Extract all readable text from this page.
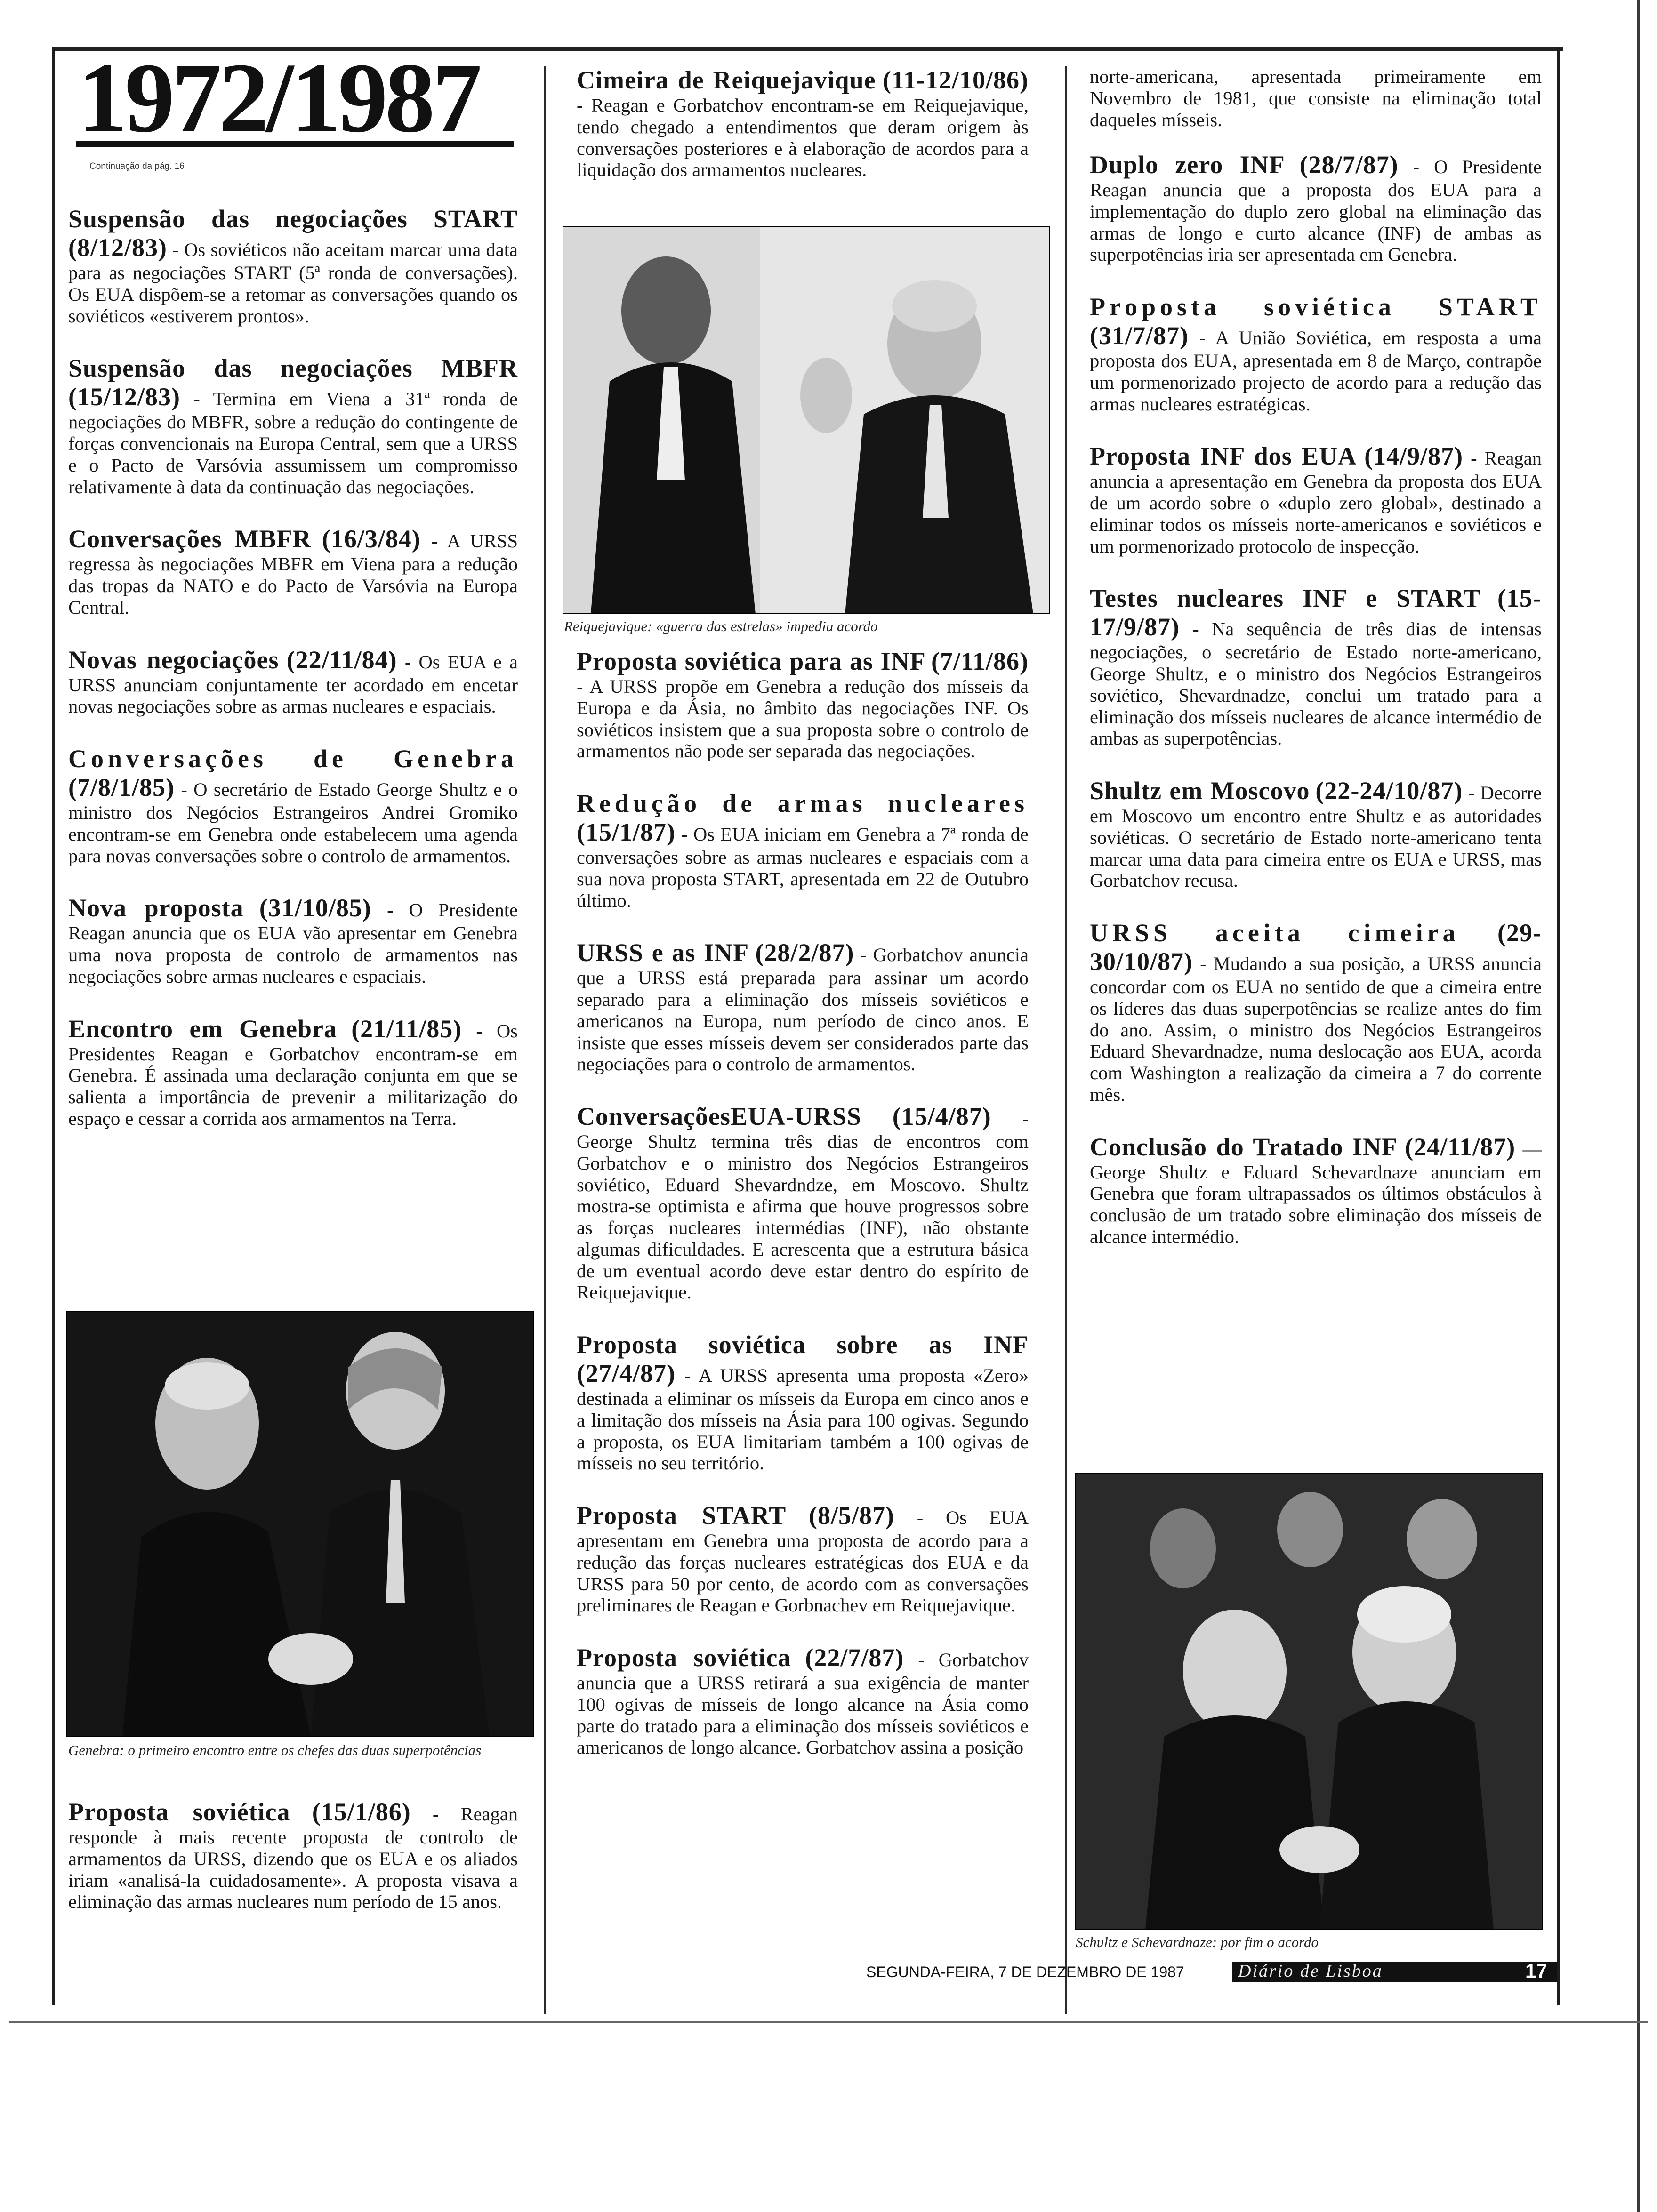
1972/1987
Continuação da pág. 16
Suspensão das negociações START (8/12/83) - Os soviéticos não aceitam marcar uma data para as negociações START (5ª ronda de conversações). Os EUA dispõem-se a retomar as conversações quando os soviéticos «estiverem prontos».
Suspensão das negociações MBFR (15/12/83) - Termina em Viena a 31ª ronda de negociações do MBFR, sobre a redução do contingente de forças convencionais na Europa Central, sem que a URSS e o Pacto de Varsóvia assumissem um compromisso relativamente à data da continuação das negociações.
Conversações MBFR (16/3/84) - A URSS regressa às negociações MBFR em Viena para a redução das tropas da NATO e do Pacto de Varsóvia na Europa Central.
Novas negociações (22/11/84) - Os EUA e a URSS anunciam conjuntamente ter acordado em encetar novas negociações sobre as armas nucleares e espaciais.
Conversações de Genebra (7/8/1/85) - O secretário de Estado George Shultz e o ministro dos Negócios Estrangeiros Andrei Gromiko encontram-se em Genebra onde estabelecem uma agenda para novas conversações sobre o controlo de armamentos.
Nova proposta (31/10/85) - O Presidente Reagan anuncia que os EUA vão apresentar em Genebra uma nova proposta de controlo de armamentos nas negociações sobre armas nucleares e espaciais.
Encontro em Genebra (21/11/85) - Os Presidentes Reagan e Gorbatchov encontram-se em Genebra. É assinada uma declaração conjunta em que se salienta a importância de prevenir a militarização do espaço e cessar a corrida aos armamentos na Terra.
Genebra: o primeiro encontro entre os chefes das duas superpotências
Proposta soviética (15/1/86) - Reagan responde à mais recente proposta de controlo de armamentos da URSS, dizendo que os EUA e os aliados iriam «analisá-la cuidadosamente». A proposta visava a eliminação das armas nucleares num período de 15 anos.
Cimeira de Reiquejavique (11-12/10/86) - Reagan e Gorbatchov encontram-se em Reiquejavique, tendo chegado a entendimentos que deram origem às conversações posteriores e à elaboração de acordos para a liquidação dos armamentos nucleares.
Reiquejavique: «guerra das estrelas» impediu acordo
Proposta soviética para as INF (7/11/86) - A URSS propõe em Genebra a redução dos mísseis da Europa e da Ásia, no âmbito das negociações INF. Os soviéticos insistem que a sua proposta sobre o controlo de armamentos não pode ser separada das negociações.
Redução de armas nucleares (15/1/87) - Os EUA iniciam em Genebra a 7ª ronda de conversações sobre as armas nucleares e espaciais com a sua nova proposta START, apresentada em 22 de Outubro último.
URSS e as INF (28/2/87) - Gorbatchov anuncia que a URSS está preparada para assinar um acordo separado para a eliminação dos mísseis soviéticos e americanos na Europa, num período de cinco anos. E insiste que esses mísseis devem ser considerados parte das negociações para o controlo de armamentos.
ConversaçõesEUA-URSS (15/4/87) - George Shultz termina três dias de encontros com Gorbatchov e o ministro dos Negócios Estrangeiros soviético, Eduard Shevardndze, em Moscovo. Shultz mostra-se optimista e afirma que houve progressos sobre as forças nucleares intermédias (INF), não obstante algumas dificuldades. E acrescenta que a estrutura básica de um eventual acordo deve estar dentro do espírito de Reiquejavique.
Proposta soviética sobre as INF (27/4/87) - A URSS apresenta uma proposta «Zero» destinada a eliminar os mísseis da Europa em cinco anos e a limitação dos mísseis na Ásia para 100 ogivas. Segundo a proposta, os EUA limitariam também a 100 ogivas de mísseis no seu território.
Proposta START (8/5/87) - Os EUA apresentam em Genebra uma proposta de acordo para a redução das forças nucleares estratégicas dos EUA e da URSS para 50 por cento, de acordo com as conversações preliminares de Reagan e Gorbnachev em Reiquejavique.
Proposta soviética (22/7/87) - Gorbatchov anuncia que a URSS retirará a sua exigência de manter 100 ogivas de mísseis de longo alcance na Ásia como parte do tratado para a eliminação dos mísseis soviéticos e americanos de longo alcance. Gorbatchov assina a posição
norte-americana, apresentada primeiramente em Novembro de 1981, que consiste na eliminação total daqueles mísseis.
Duplo zero INF (28/7/87) - O Presidente Reagan anuncia que a proposta dos EUA para a implementação do duplo zero global na eliminação das armas de longo e curto alcance (INF) de ambas as superpotências iria ser apresentada em Genebra.
Proposta soviética START (31/7/87) - A União Soviética, em resposta a uma proposta dos EUA, apresentada em 8 de Março, contrapõe um pormenorizado projecto de acordo para a redução das armas nucleares estratégicas.
Proposta INF dos EUA (14/9/87) - Reagan anuncia a apresentação em Genebra da proposta dos EUA de um acordo sobre o «duplo zero global», destinado a eliminar todos os mísseis norte-americanos e soviéticos e um pormenorizado protocolo de inspecção.
Testes nucleares INF e START (15-17/9/87) - Na sequência de três dias de intensas negociações, o secretário de Estado norte-americano, George Shultz, e o ministro dos Negócios Estrangeiros soviético, Shevardnadze, conclui um tratado para a eliminação dos mísseis nucleares de alcance intermédio de ambas as superpotências.
Shultz em Moscovo (22-24/10/87) - Decorre em Moscovo um encontro entre Shultz e as autoridades soviéticas. O secretário de Estado norte-americano tenta marcar uma data para cimeira entre os EUA e URSS, mas Gorbatchov recusa.
URSS aceita cimeira (29-30/10/87) - Mudando a sua posição, a URSS anuncia concordar com os EUA no sentido de que a cimeira entre os líderes das duas superpotências se realize antes do fim do ano. Assim, o ministro dos Negócios Estrangeiros Eduard Shevardnadze, numa deslocação aos EUA, acorda com Washington a realização da cimeira a 7 do corrente mês.
Conclusão do Tratado INF (24/11/87) — George Shultz e Eduard Schevardnaze anunciam em Genebra que foram ultrapassados os últimos obstáculos à conclusão de um tratado sobre eliminação dos mísseis de alcance intermédio.
Schultz e Schevardnaze: por fim o acordo
SEGUNDA-FEIRA, 7 DE DEZEMBRO DE 1987	Diário de Lisboa	17
